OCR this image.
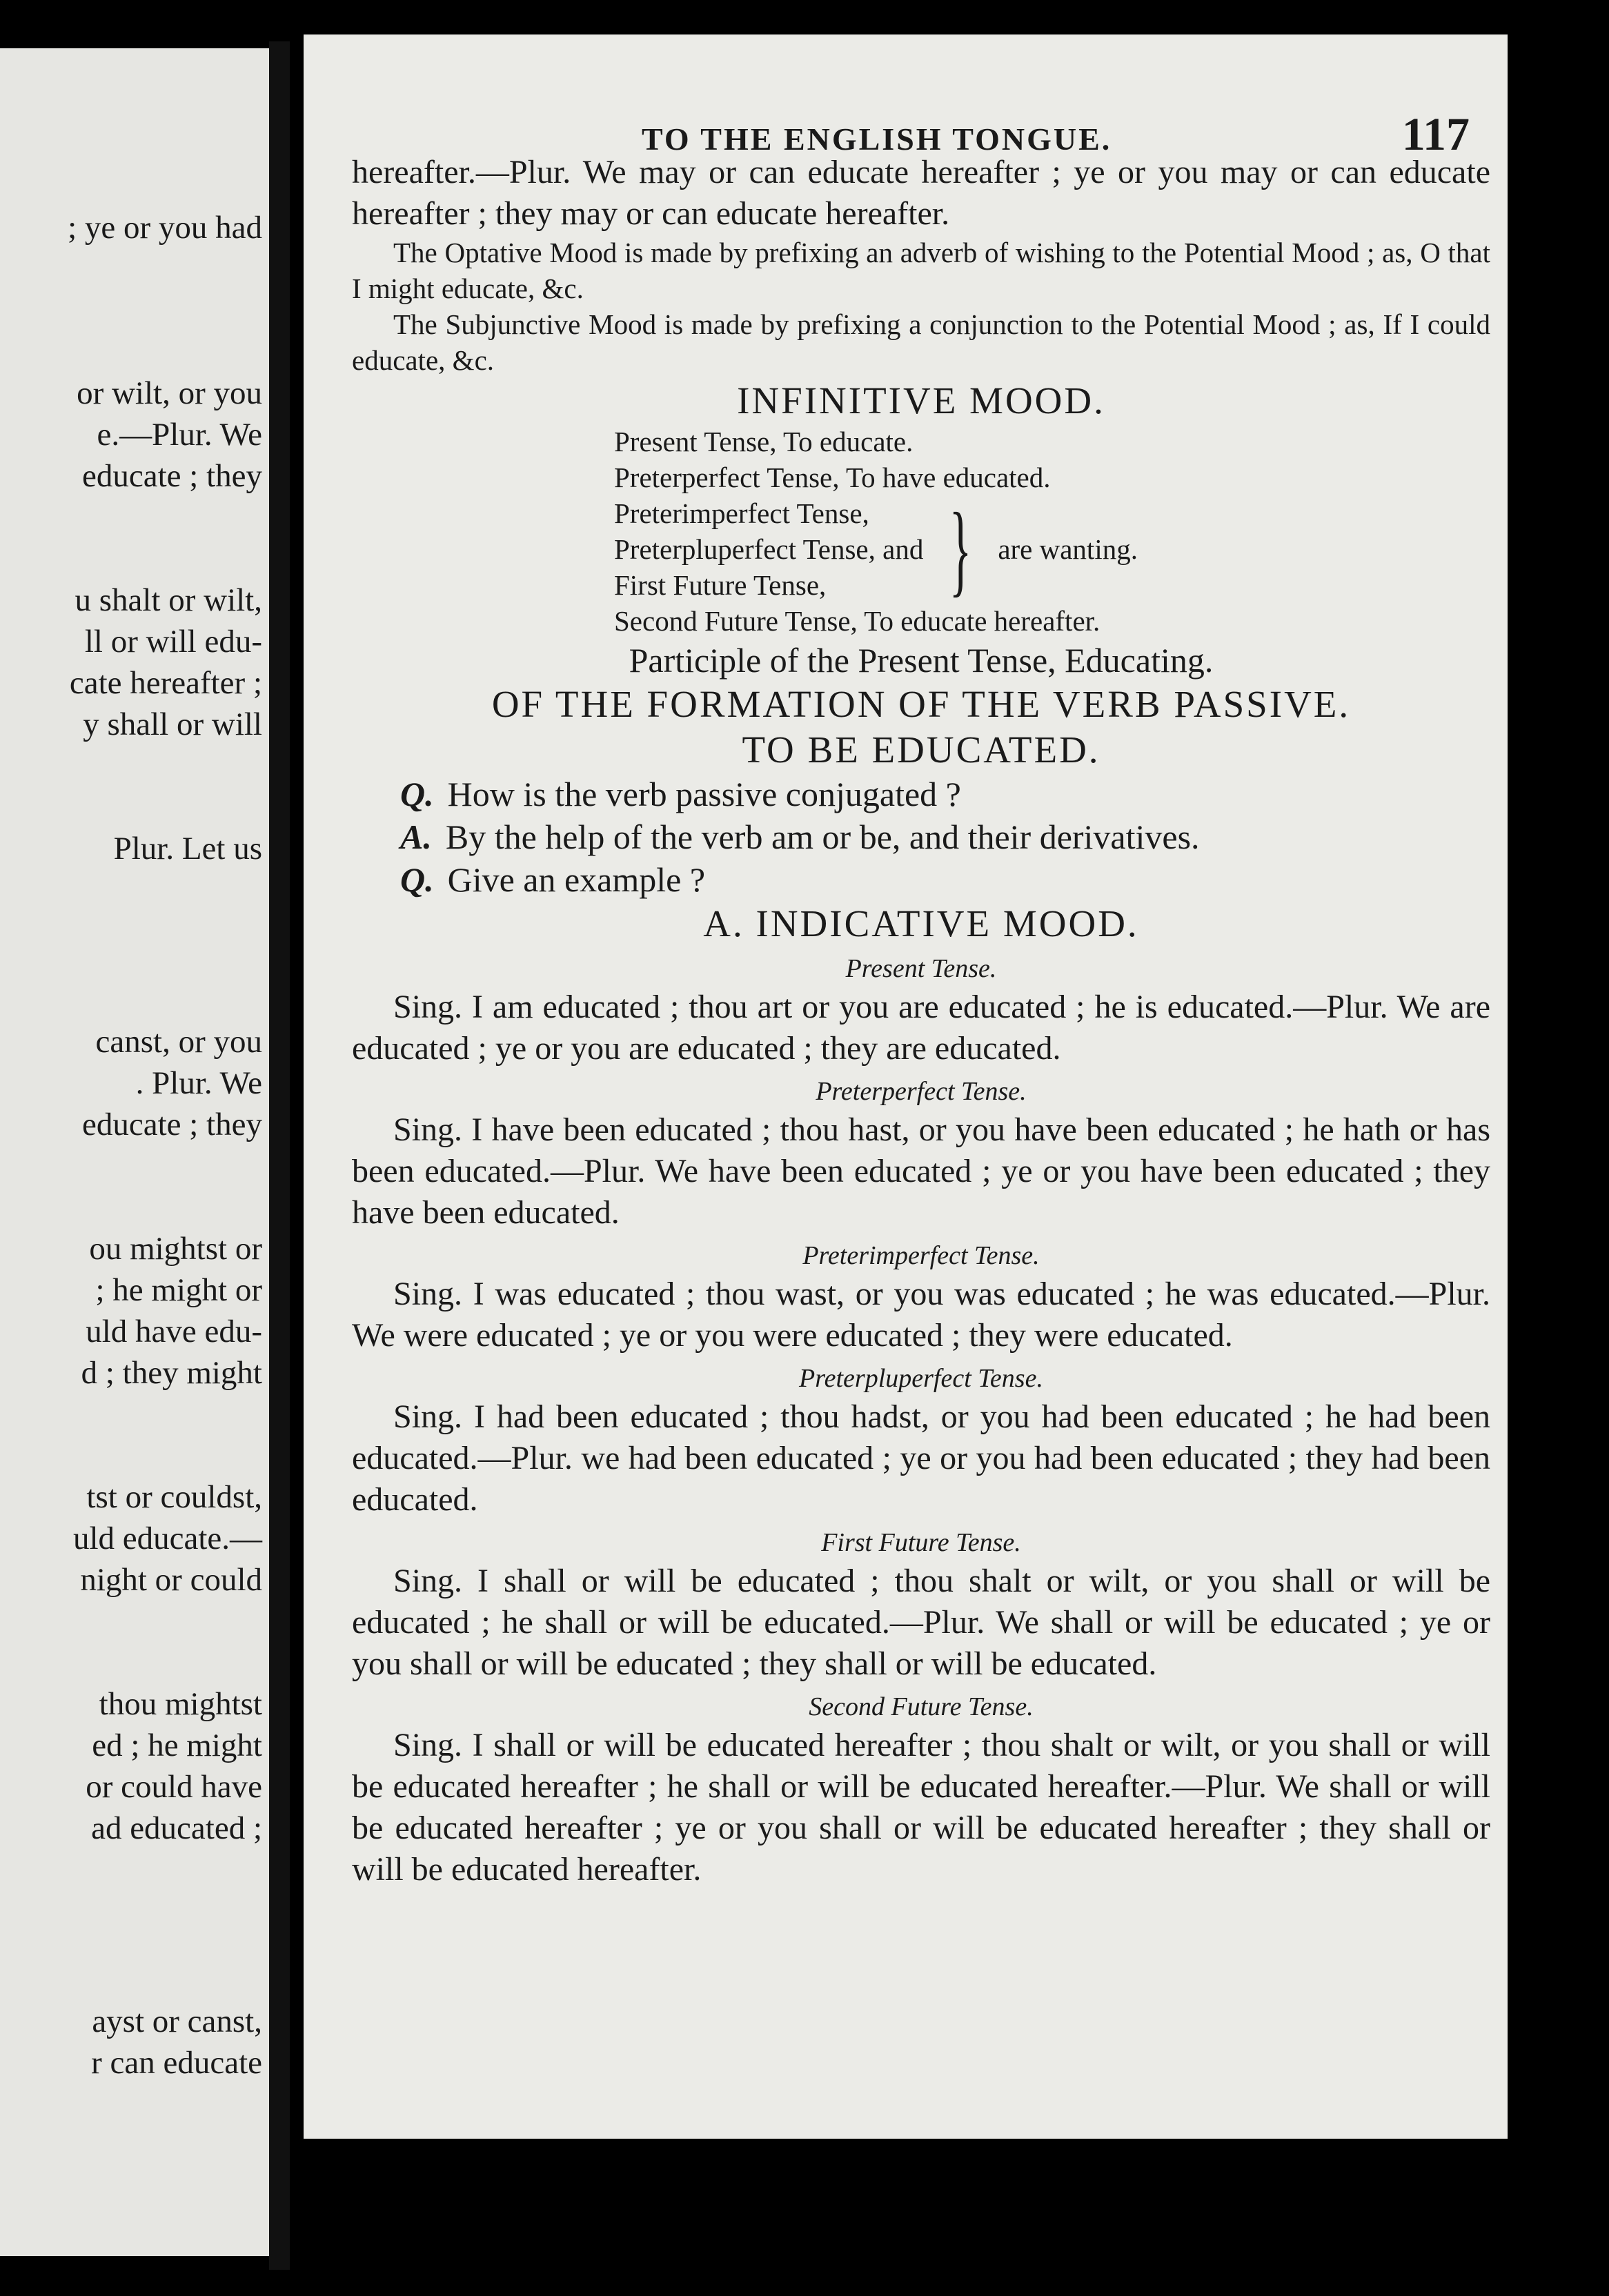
; ye or you had
or wilt, or you
e.—Plur. We
educate ; they
u shalt or wilt,
ll or will edu-
cate hereafter ;
y shall or will
Plur. Let us
canst, or you
. Plur. We
educate ; they
ou mightst or
; he might or
uld have edu-
d ; they might
tst or couldst,
uld educate.—
night or could
thou mightst
ed ; he might
or could have
ad educated ;
ayst or canst,
r can educate
TO THE ENGLISH TONGUE.	117

hereafter.—Plur. We may or can educate hereafter ; ye or you may or can educate hereafter ; they may or can educate hereafter.

The Optative Mood is made by prefixing an adverb of wishing to the Potential Mood ; as, O that I might educate, &c.

The Subjunctive Mood is made by prefixing a conjunction to the Potential Mood ; as, If I could educate, &c.

INFINITIVE MOOD.
Present Tense, To educate.
Preterperfect Tense, To have educated.
Preterimperfect Tense,
Preterpluperfect Tense, and
First Future Tense,	} are wanting.
Second Future Tense, To educate hereafter.
Participle of the Present Tense, Educating.
OF THE FORMATION OF THE VERB PASSIVE.
TO BE EDUCATED.
Q. How is the verb passive conjugated ?
A. By the help of the verb am or be, and their derivatives.
Q. Give an example ?
A. INDICATIVE MOOD.
Present Tense.

Sing. I am educated ; thou art or you are educated ; he is educated.—Plur. We are educated ; ye or you are educated ; they are educated.

Preterperfect Tense.

Sing. I have been educated ; thou hast, or you have been educated ; he hath or has been educated.—Plur. We have been educated ; ye or you have been educated ; they have been educated.

Preterimperfect Tense.

Sing. I was educated ; thou wast, or you was educated ; he was educated.—Plur. We were educated ; ye or you were educated ; they were educated.

Preterpluperfect Tense.

Sing. I had been educated ; thou hadst, or you had been educated ; he had been educated.—Plur. we had been educated ; ye or you had been educated ; they had been educated.

First Future Tense.

Sing. I shall or will be educated ; thou shalt or wilt, or you shall or will be educated ; he shall or will be educated.—Plur. We shall or will be educated ; ye or you shall or will be educated ; they shall or will be educated.

Second Future Tense.

Sing. I shall or will be educated hereafter ; thou shalt or wilt, or you shall or will be educated hereafter ; he shall or will be educated hereafter.—Plur. We shall or will be educated hereafter ; ye or you shall or will be educated hereafter ; they shall or will be educated hereafter.
